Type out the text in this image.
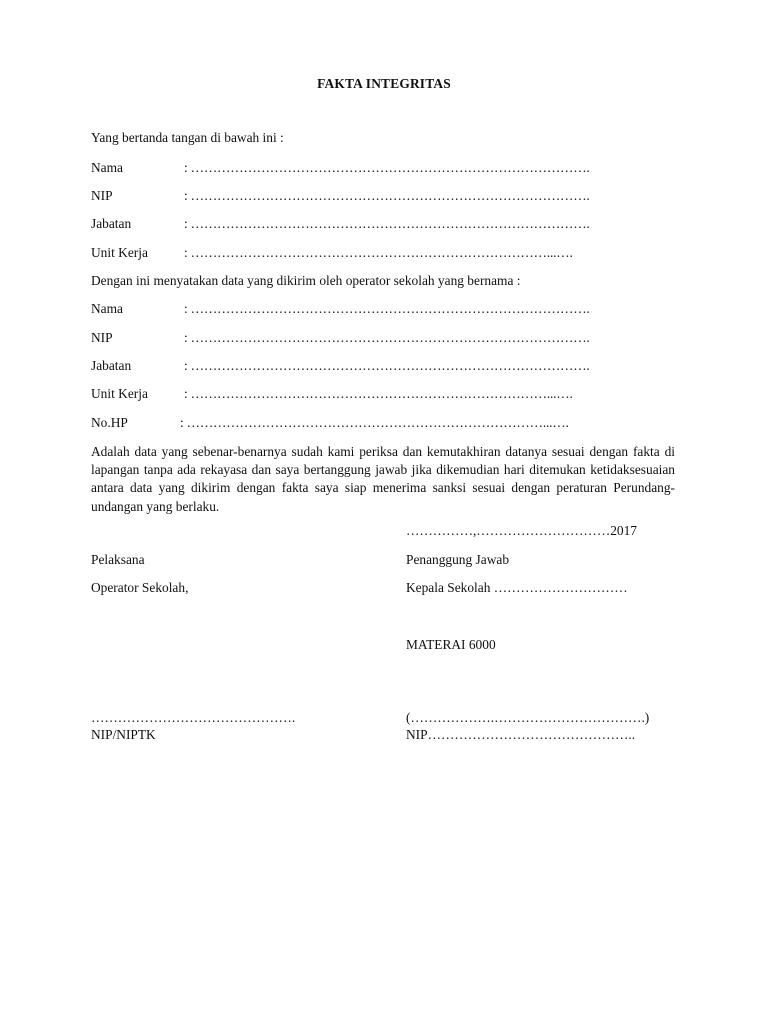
FAKTA INTEGRITAS
Yang bertanda tangan di bawah ini :
Nama	: ……………………………………………………………………………….
NIP	: ……………………………………………………………………………….
Jabatan	: ……………………………………………………………………………….
Unit Kerja	: ………………………………………………………………………...….
Dengan ini menyatakan data yang dikirim oleh operator sekolah yang bernama :
Nama	: ……………………………………………………………………………….
NIP	: ……………………………………………………………………………….
Jabatan	: ……………………………………………………………………………….
Unit Kerja	: ………………………………………………………………………...….
No.HP	: ………………………………………………………………………...….
Adalah data yang sebenar-benarnya sudah kami periksa dan kemutakhiran datanya sesuai dengan fakta di lapangan tanpa ada rekayasa dan saya bertanggung jawab jika dikemudian hari ditemukan ketidaksesuaian antara data yang dikirim dengan fakta saya siap menerima sanksi sesuai dengan peraturan Perundang-undangan yang berlaku.
……………,…………………………2017
Pelaksana	Penanggung Jawab
Operator Sekolah,	Kepala Sekolah …………………………
MATERAI 6000
……………………………………….	(……………….…………………………….)
NIP/NIPTK	NIP………………………………………..
